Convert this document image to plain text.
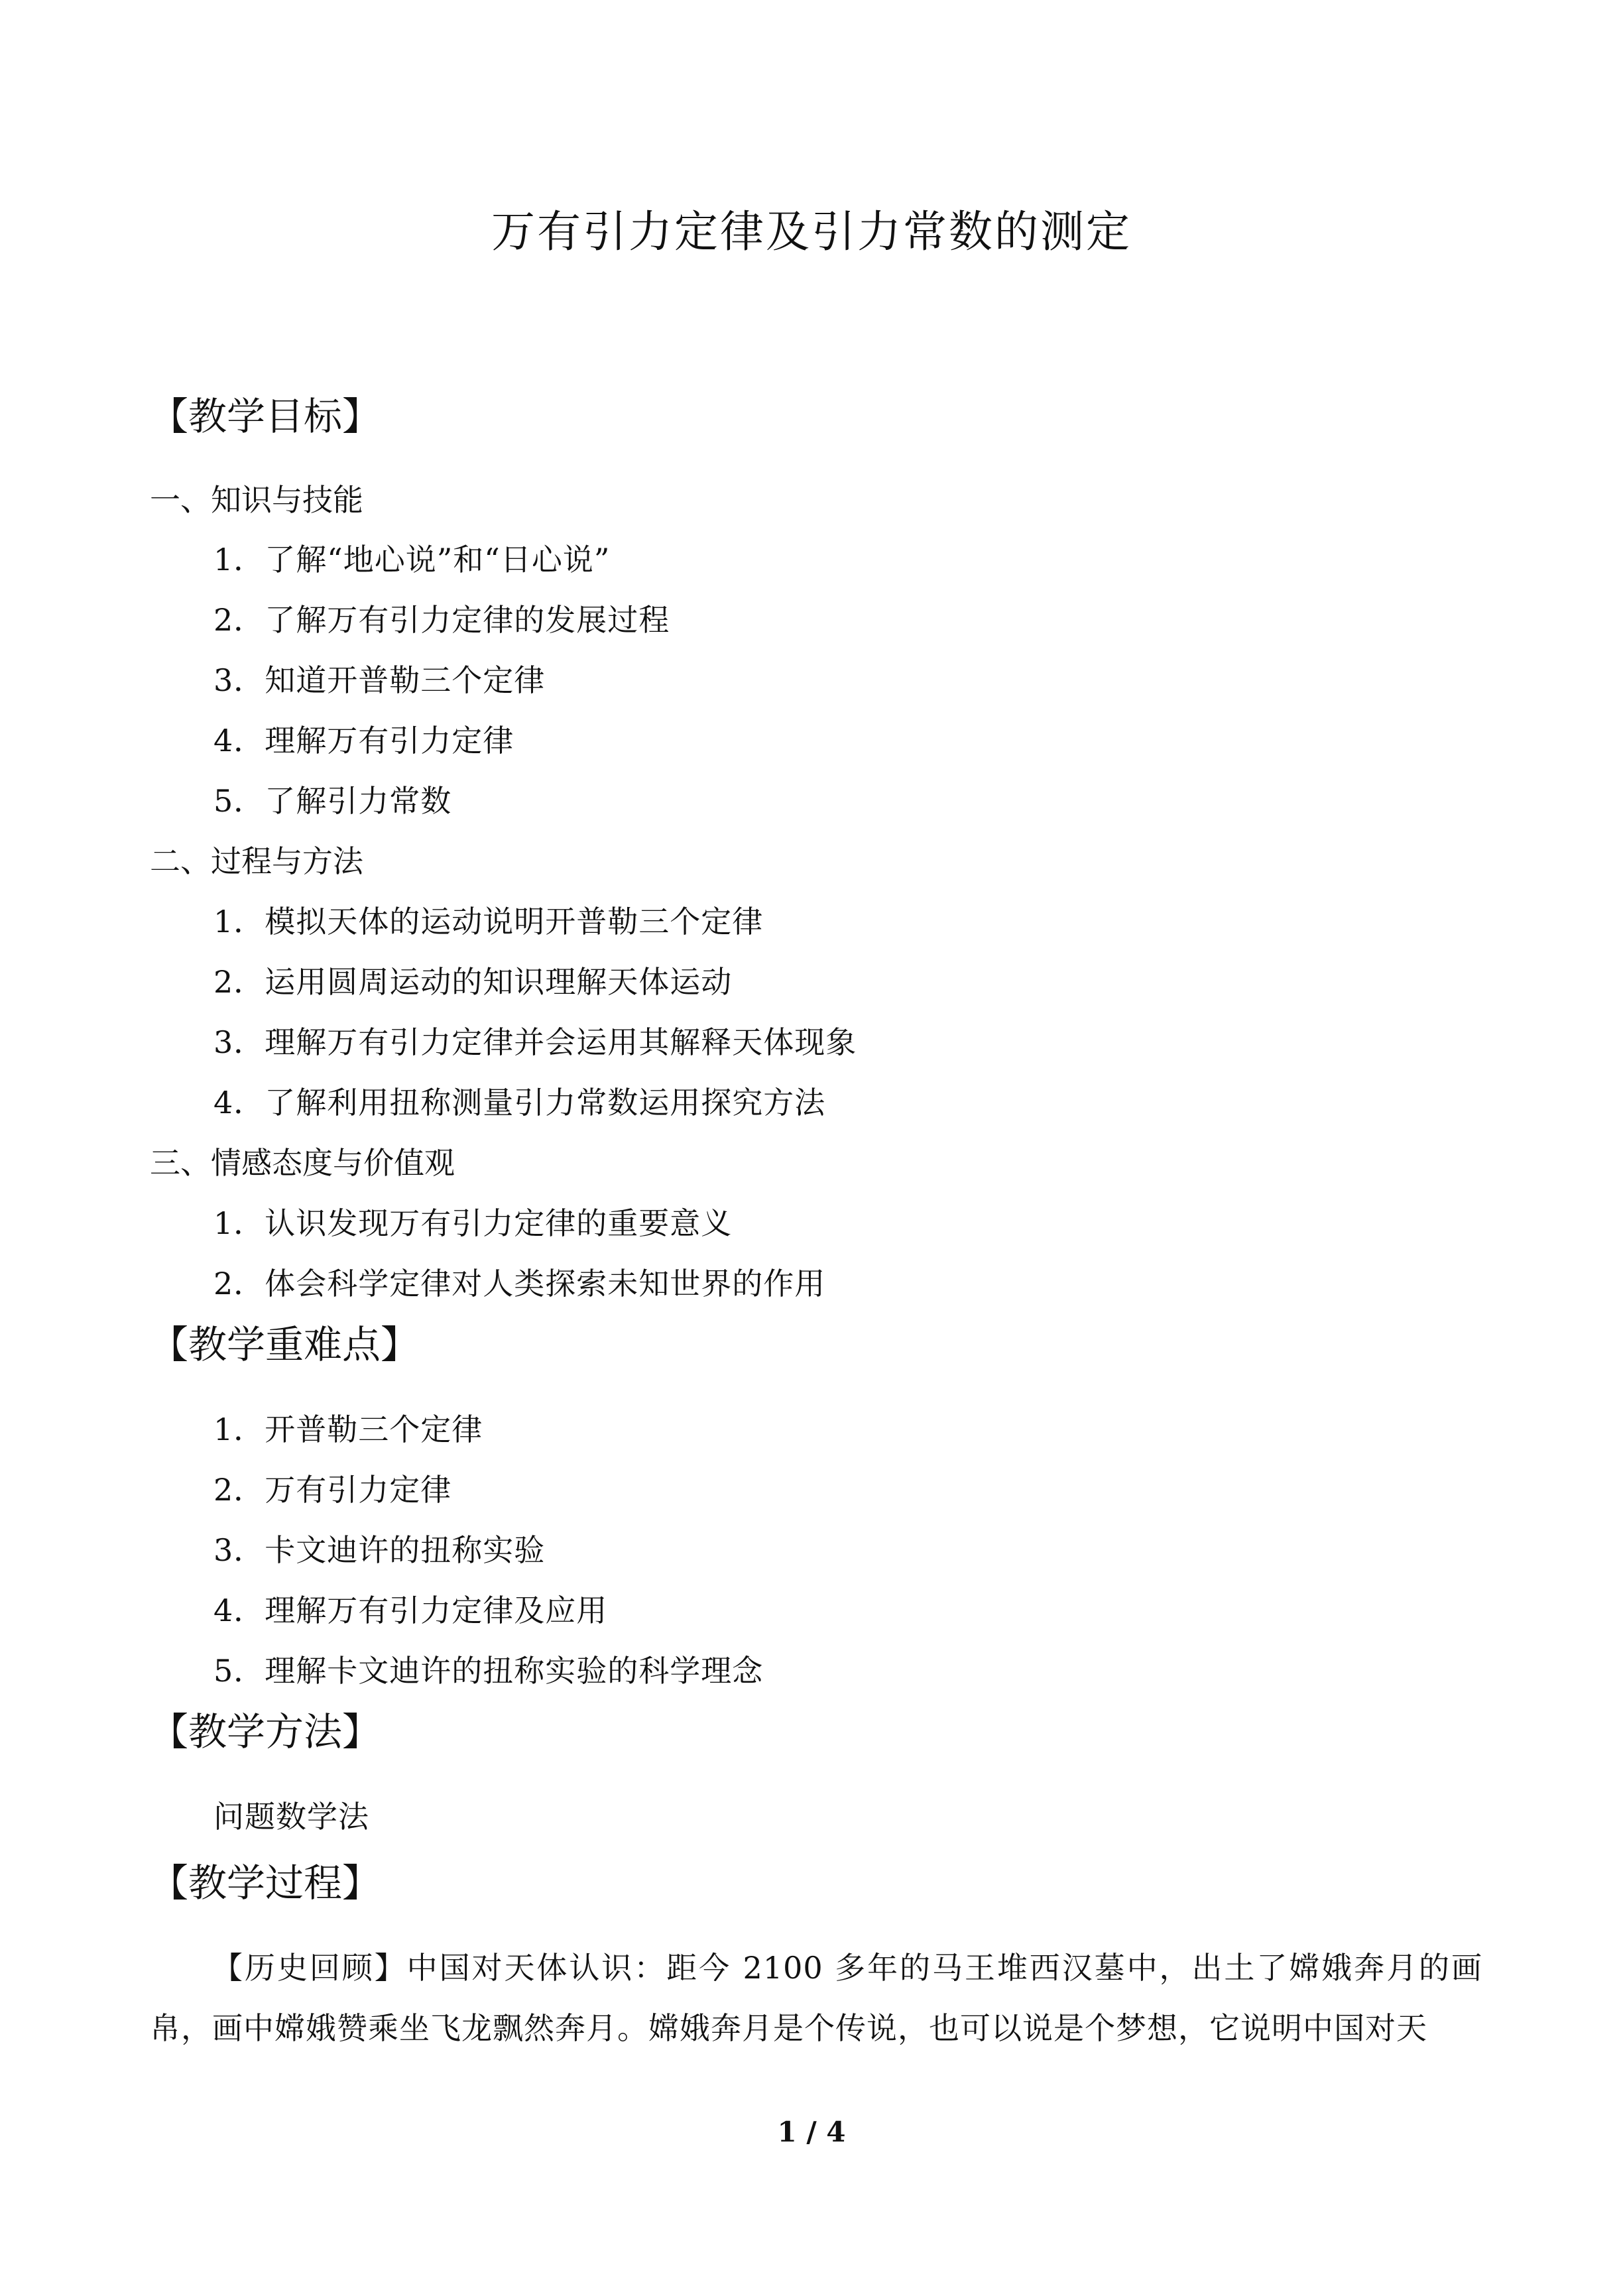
万有引力定律及引力常数的测定
【教学目标】

一、知识与技能

1．了解“地心说”和“日心说”

2．了解万有引力定律的发展过程

3．知道开普勒三个定律

4．理解万有引力定律

5．了解引力常数

二、过程与方法

1．模拟天体的运动说明开普勒三个定律

2．运用圆周运动的知识理解天体运动

3．理解万有引力定律并会运用其解释天体现象

4．了解利用扭称测量引力常数运用探究方法

三、情感态度与价值观

1．认识发现万有引力定律的重要意义

2．体会科学定律对人类探索未知世界的作用

【教学重难点】

1．开普勒三个定律

2．万有引力定律

3．卡文迪许的扭称实验

4．理解万有引力定律及应用

5．理解卡文迪许的扭称实验的科学理念

【教学方法】

问题数学法

【教学过程】

【历史回顾】中国对天体认识：距今 2100 多年的马王堆西汉墓中，出土了嫦娥奔月的画帛，画中嫦娥赞乘坐飞龙飘然奔月。嫦娥奔月是个传说，也可以说是个梦想，它说明中国对天

1 / 4
